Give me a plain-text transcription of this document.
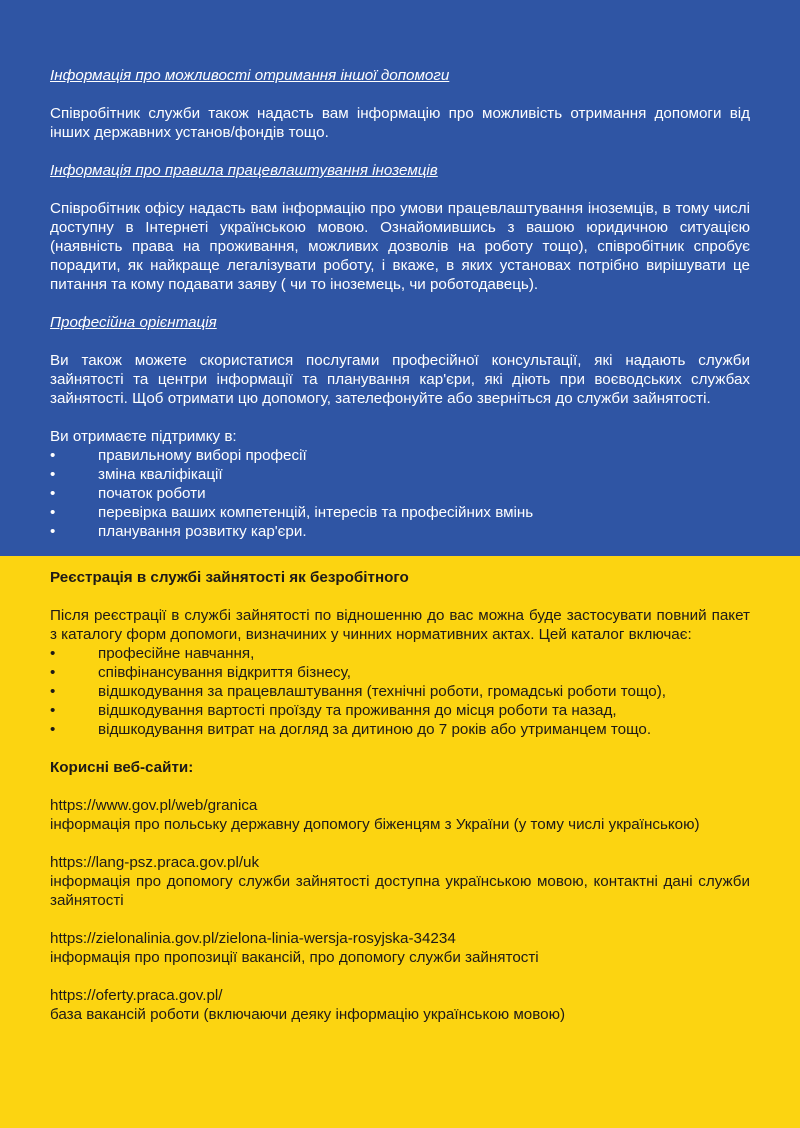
Інформація про можливості отримання іншої допомоги

Співробітник служби також надасть вам інформацію про можливість отримання допомоги від інших державних установ/фондів тощо.

Інформація про правила працевлаштування іноземців

Співробітник офісу надасть вам інформацію про умови працевлаштування іноземців, в тому числі доступну в Інтернеті українською мовою. Ознайомившись з вашою юридичною ситуацією (наявність права на проживання, можливих дозволів на роботу тощо), співробітник спробує порадити, як найкраще легалізувати роботу, і вкаже, в яких установах потрібно вирішувати це питання та кому подавати заяву ( чи то іноземець, чи роботодавець).

Професійна орієнтація

Ви також можете скористатися послугами професійної консультації, які надають служби зайнятості та центри інформації та планування кар'єри, які діють при воєводських службах зайнятості. Щоб отримати цю допомогу, зателефонуйте або зверніться до служби зайнятості.

Ви отримаєте підтримку в:

•	правильному виборі професії
•	зміна кваліфікації
•	початок роботи
•	перевірка ваших компетенцій, інтересів та професійних вмінь
•	планування розвитку кар'єри.
Реєстрація в службі зайнятості як безробітного

Після реєстрації в службі зайнятості по відношенню до вас можна буде застосувати повний пакет з каталогу форм допомоги, визначиних у чинних нормативних актах. Цей каталог включає:

•	професійне навчання,
•	співфінансування відкриття бізнесу,
•	відшкодування за працевлаштування (технічні роботи, громадські роботи тощо),
•	відшкодування вартості проїзду та проживання до місця роботи та назад,
•	відшкодування витрат на догляд за дитиною до 7 років або утриманцем тощо.
Корисні веб-сайти:

https://www.gov.pl/web/granica

інформація про польську державну допомогу біженцям з України (у тому числі українською)

https://lang-psz.praca.gov.pl/uk

інформація про допомогу служби зайнятості доступна українською мовою, контактні дані служби зайнятості

https://zielonalinia.gov.pl/zielona-linia-wersja-rosyjska-34234

інформація про пропозиції вакансій, про допомогу служби зайнятості

https://oferty.praca.gov.pl/

база вакансій роботи (включаючи деяку інформацію українською мовою)
